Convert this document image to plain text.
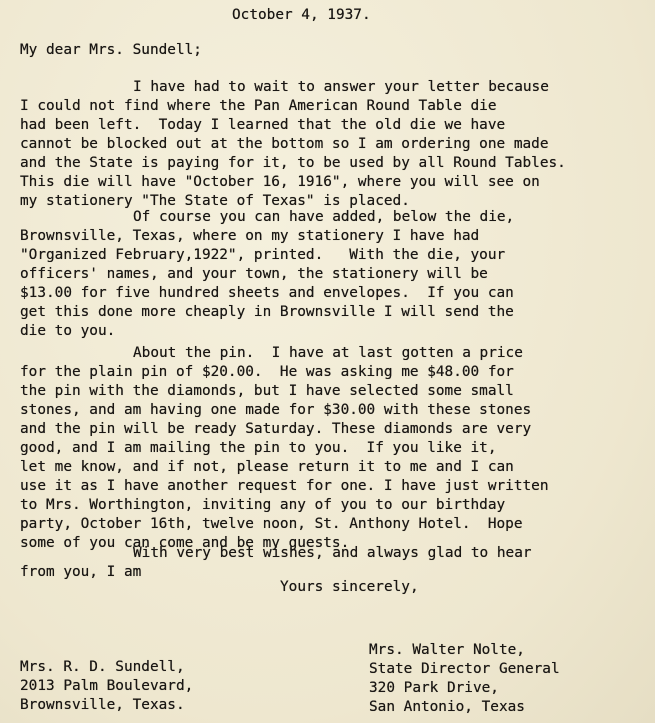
October 4, 1937.
My dear Mrs. Sundell;
I have had to wait to answer your letter because
I could not find where the Pan American Round Table die
had been left.  Today I learned that the old die we have
cannot be blocked out at the bottom so I am ordering one made
and the State is paying for it, to be used by all Round Tables.
This die will have "October 16, 1916", where you will see on
my stationery "The State of Texas" is placed.
Of course you can have added, below the die,
Brownsville, Texas, where on my stationery I have had
"Organized February,1922", printed.   With the die, your
officers' names, and your town, the stationery will be
$13.00 for five hundred sheets and envelopes.  If you can
get this done more cheaply in Brownsville I will send the
die to you.
About the pin.  I have at last gotten a price
for the plain pin of $20.00.  He was asking me $48.00 for
the pin with the diamonds, but I have selected some small
stones, and am having one made for $30.00 with these stones
and the pin will be ready Saturday. These diamonds are very
good, and I am mailing the pin to you.  If you like it,
let me know, and if not, please return it to me and I can
use it as I have another request for one. I have just written
to Mrs. Worthington, inviting any of you to our birthday
party, October 16th, twelve noon, St. Anthony Hotel.  Hope
some of you can come and be my guests.
With very best wishes, and always glad to hear
from you, I am
Yours sincerely,
Mrs. R. D. Sundell,
2013 Palm Boulevard,
Brownsville, Texas.
Mrs. Walter Nolte,
State Director General
320 Park Drive,
San Antonio, Texas
